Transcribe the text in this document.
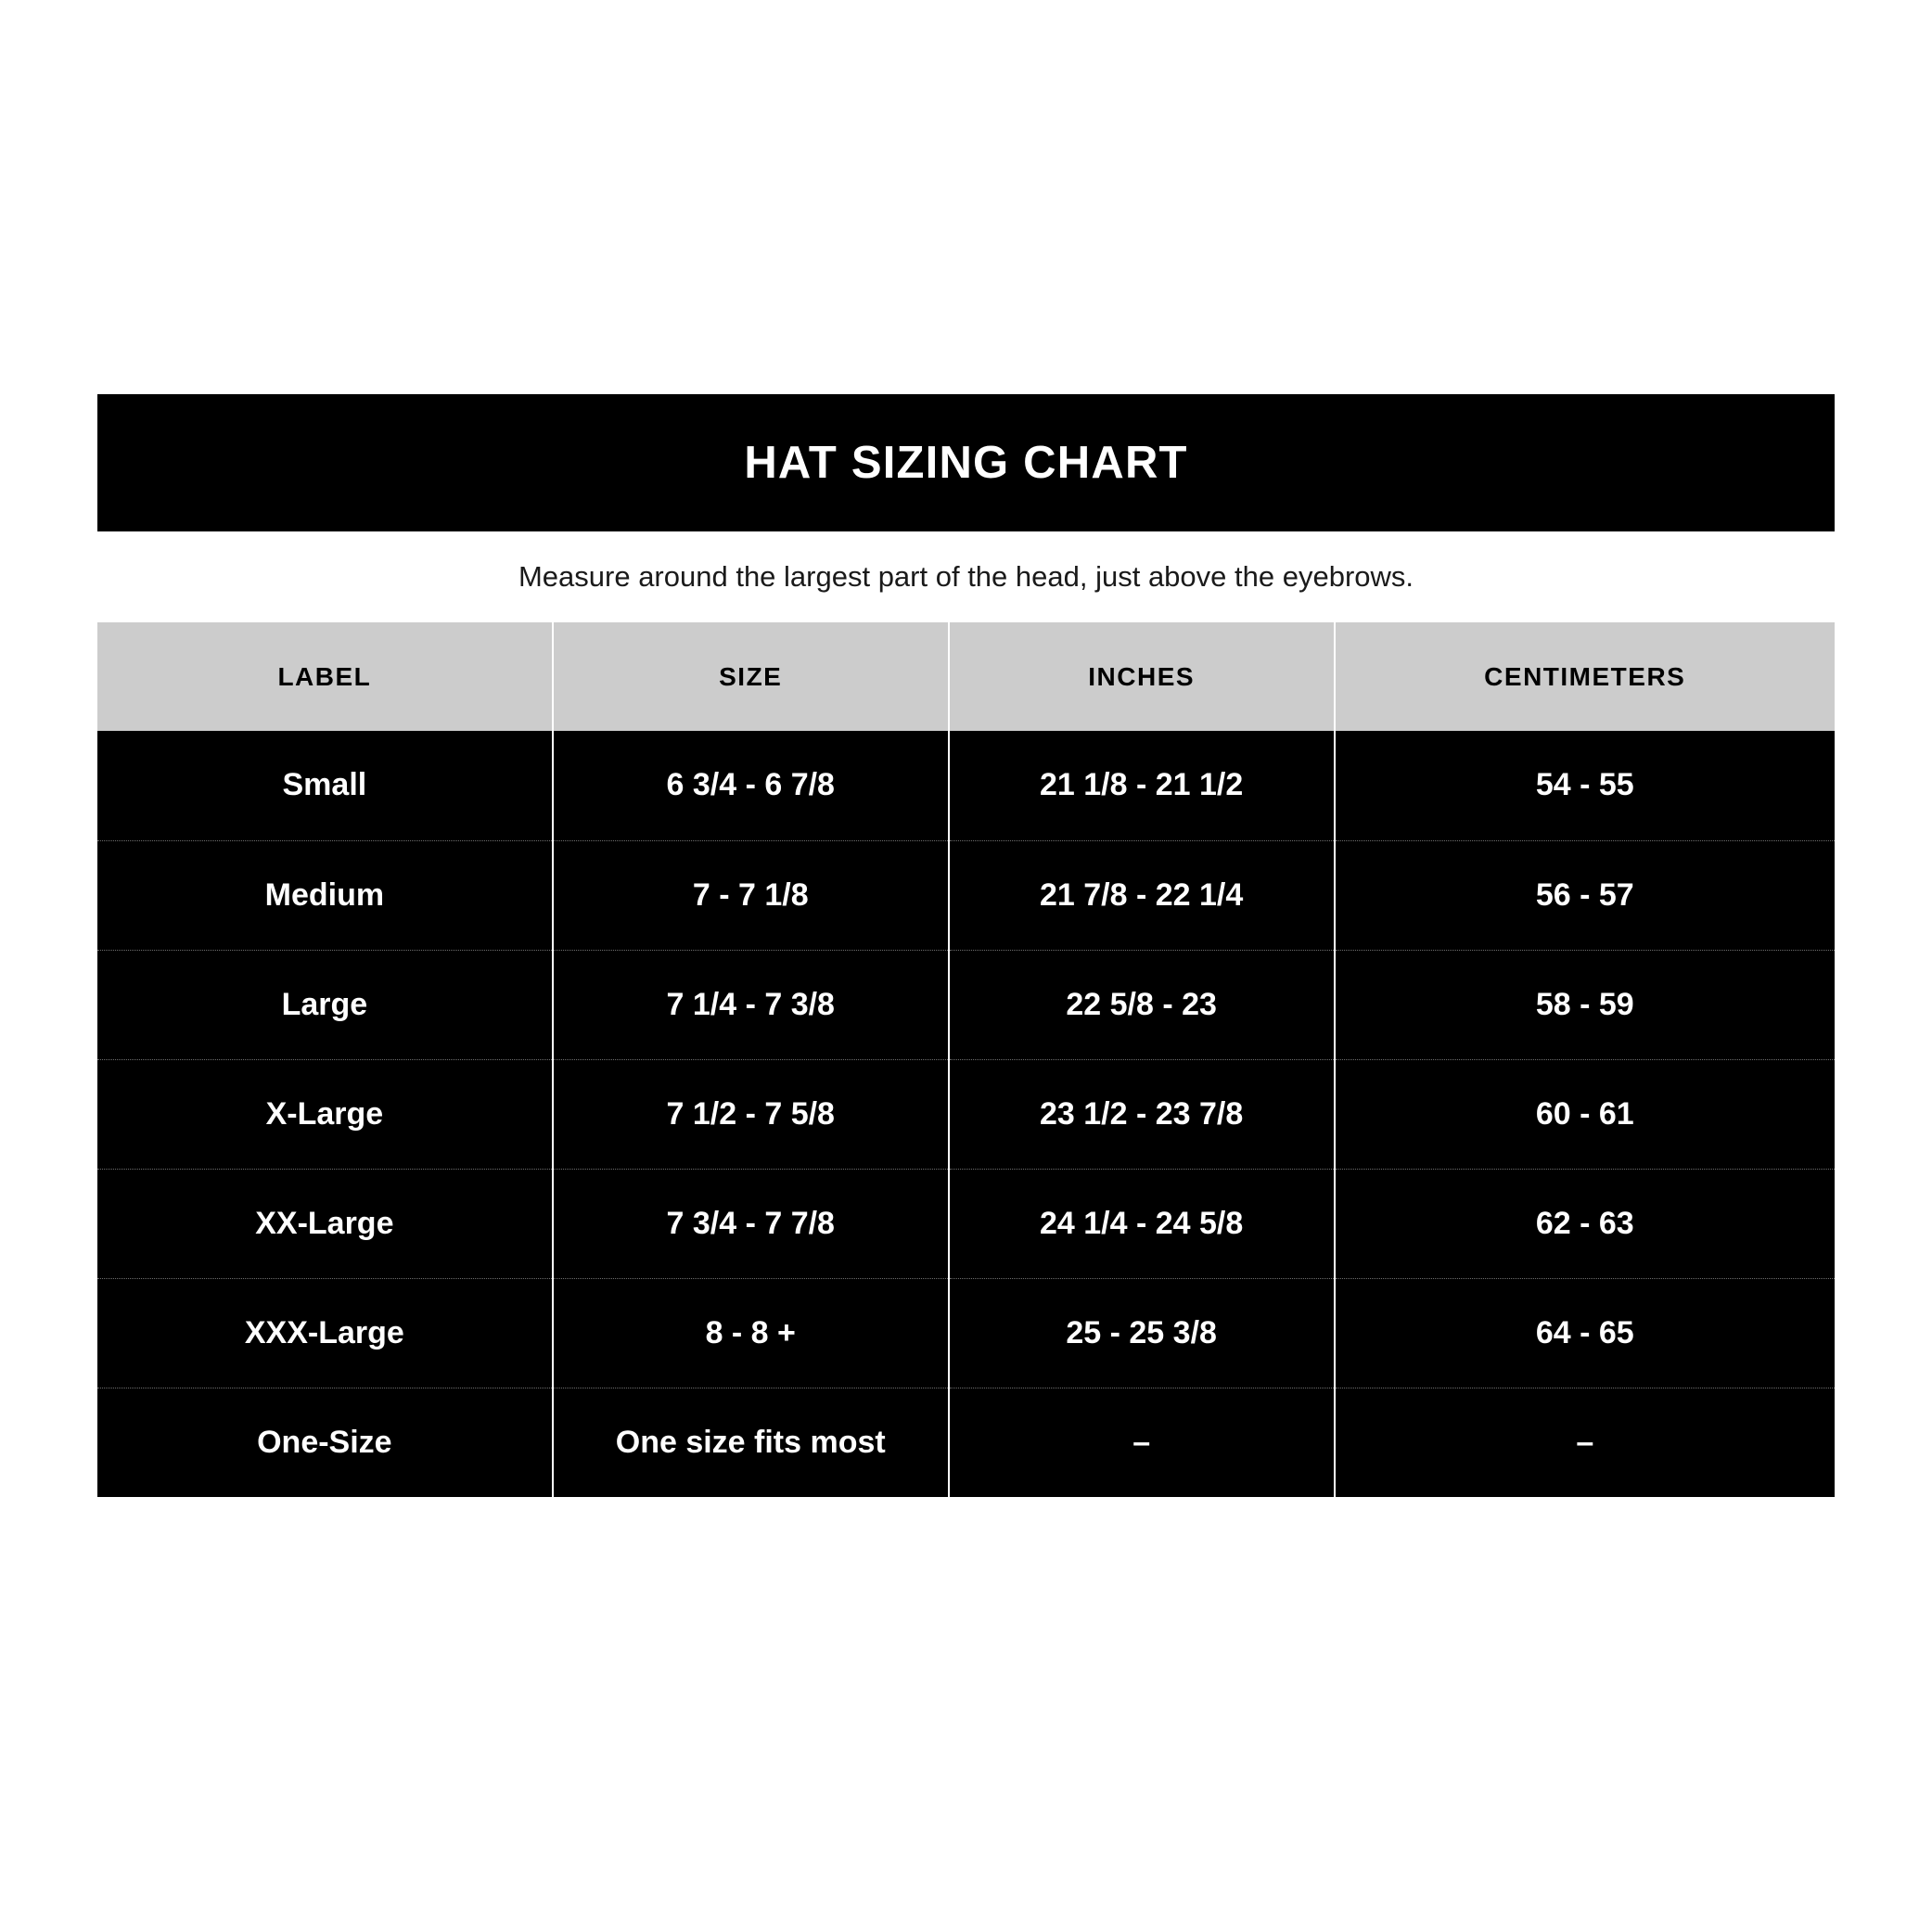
HAT SIZING CHART
Measure around the largest part of the head, just above the eyebrows.
LABEL	SIZE	INCHES	CENTIMETERS
Small	6 3/4 - 6 7/8	21 1/8 - 21 1/2	54 - 55
Medium	7 - 7 1/8	21 7/8 - 22 1/4	56 - 57
Large	7 1/4 - 7 3/8	22 5/8 - 23	58 - 59
X-Large	7 1/2 - 7 5/8	23 1/2 - 23 7/8	60 - 61
XX-Large	7 3/4 - 7 7/8	24 1/4 - 24 5/8	62 - 63
XXX-Large	8 - 8 +	25 - 25 3/8	64 - 65
One-Size	One size fits most	–	–
